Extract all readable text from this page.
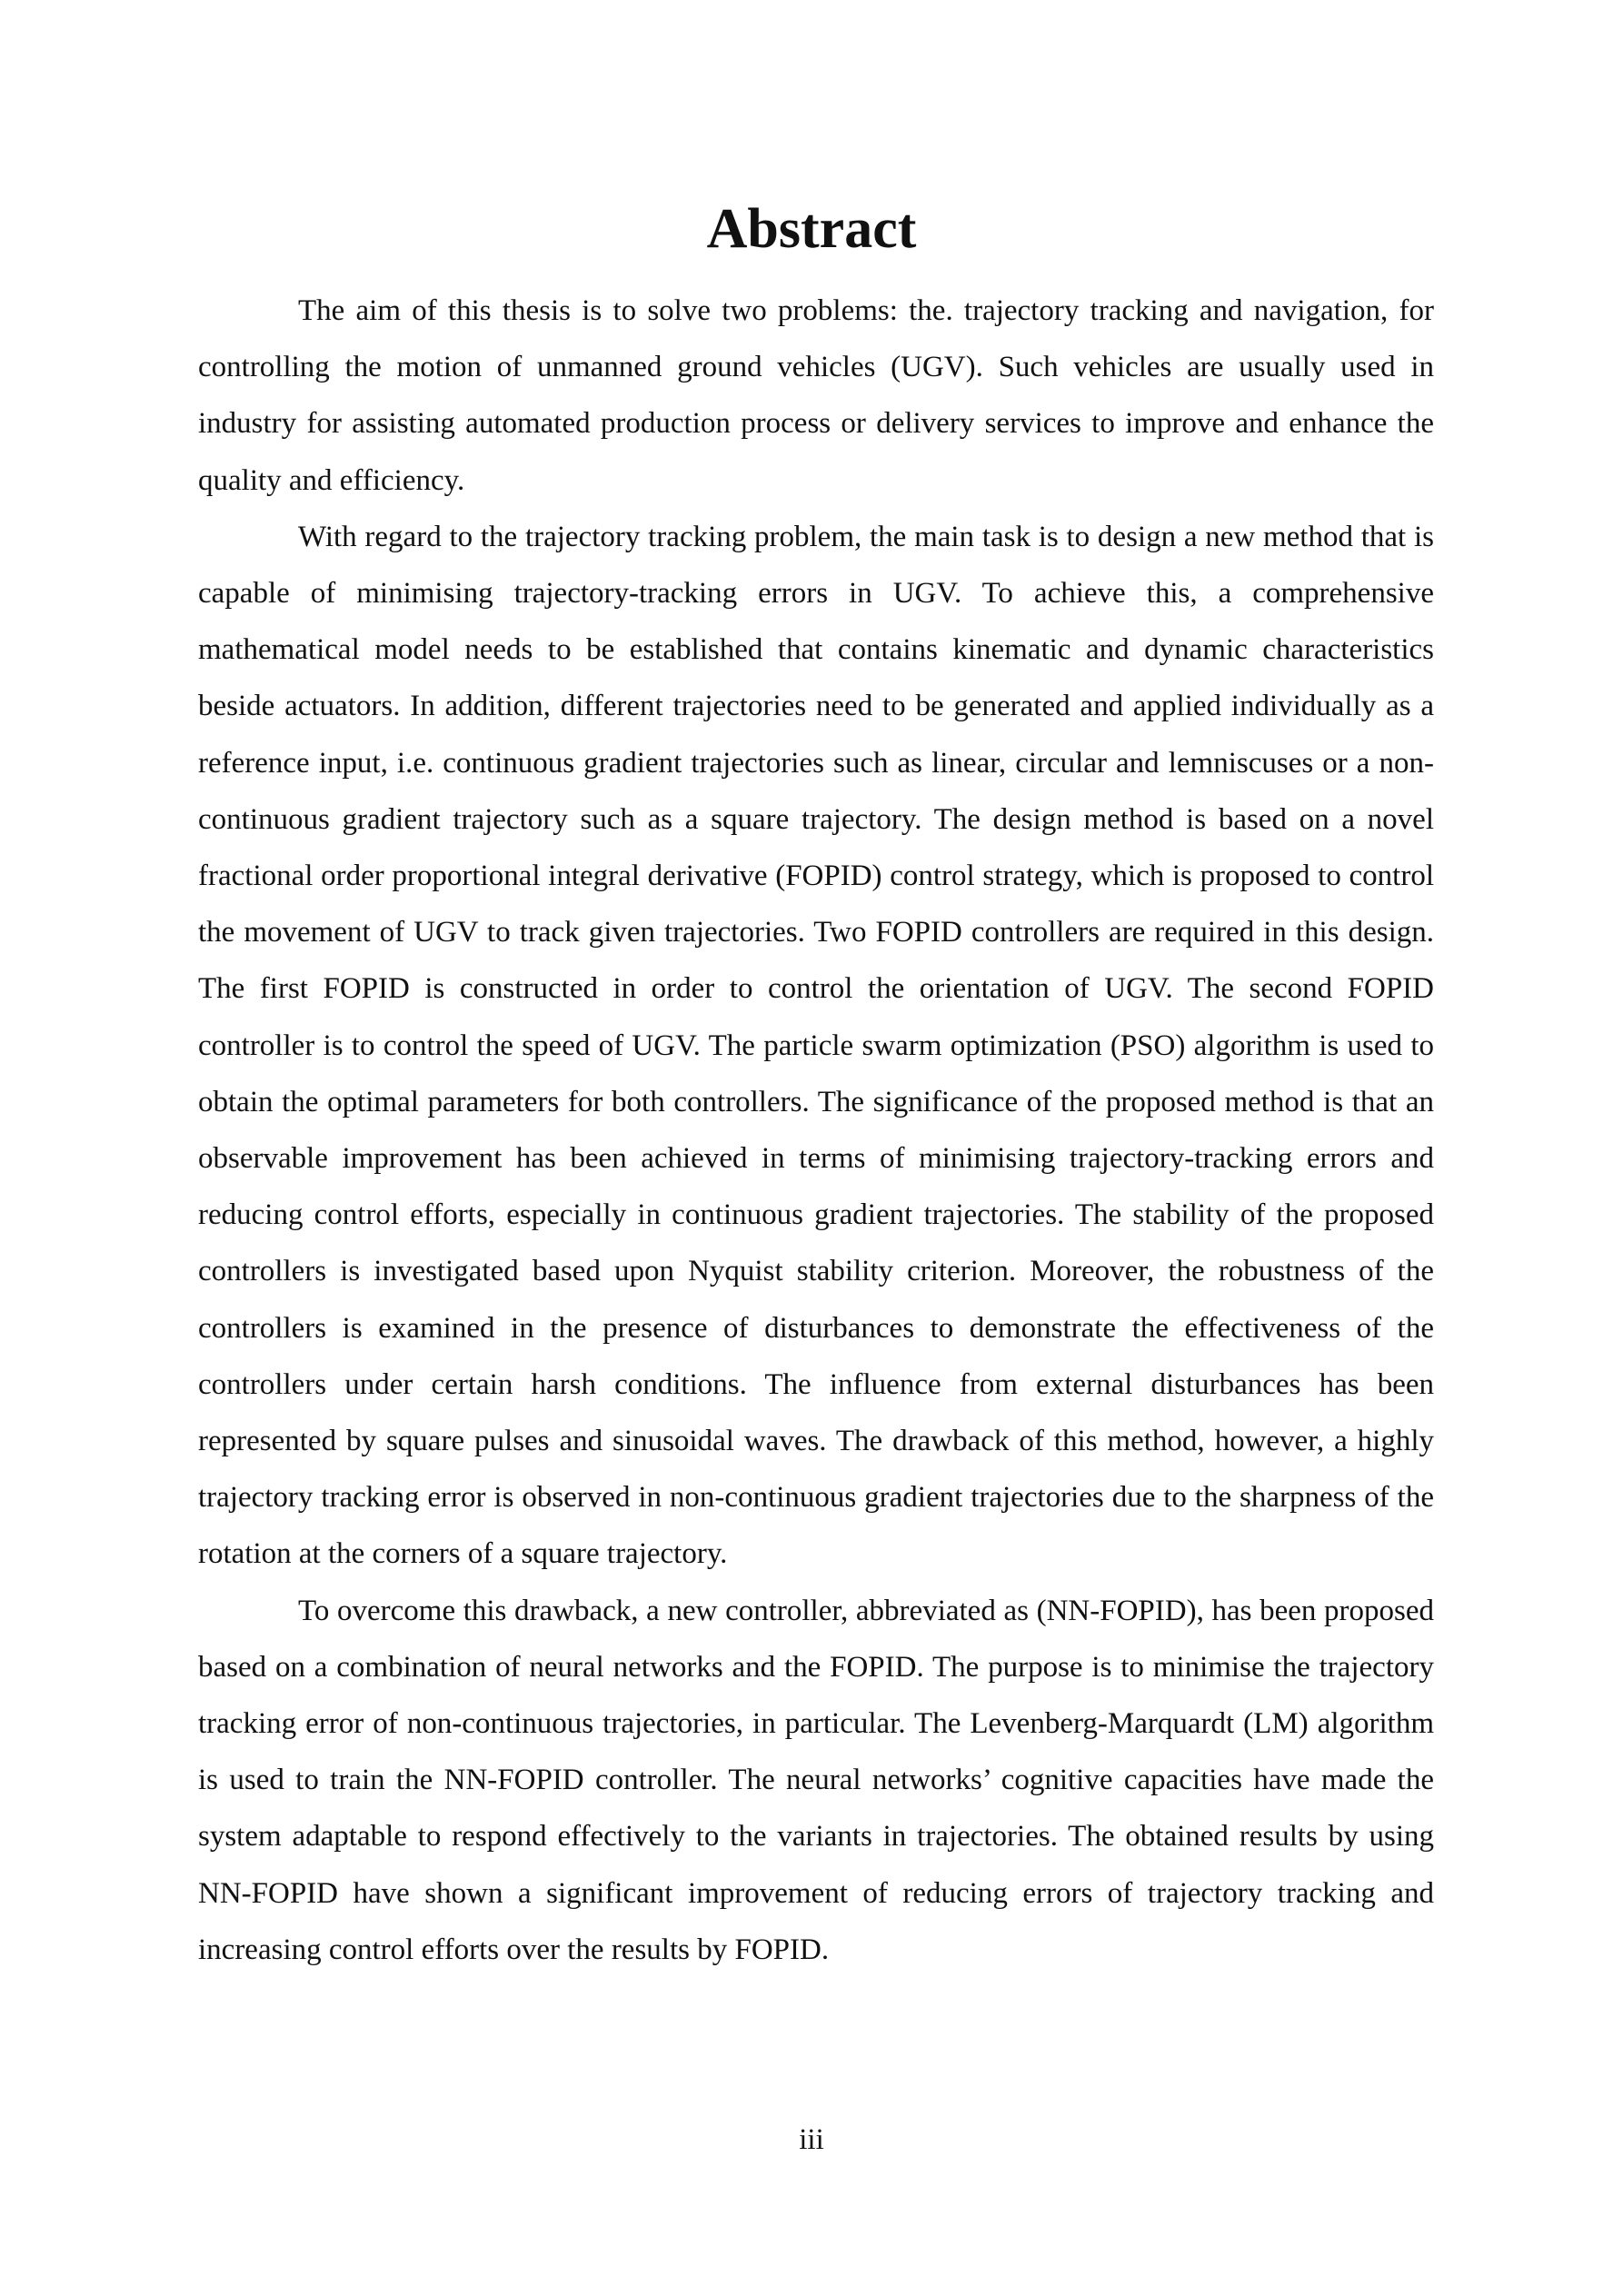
Abstract

The aim of this thesis is to solve two problems: the. trajectory tracking and navigation, for controlling the motion of unmanned ground vehicles (UGV). Such vehicles are usually used in industry for assisting automated production process or delivery services to improve and enhance the quality and efficiency.

With regard to the trajectory tracking problem, the main task is to design a new method that is capable of minimising trajectory-tracking errors in UGV. To achieve this, a comprehensive mathematical model needs to be established that contains kinematic and dynamic characteristics beside actuators. In addition, different trajectories need to be generated and applied individually as a reference input, i.e. continuous gradient trajectories such as linear, circular and lemniscuses or a non-continuous gradient trajectory such as a square trajectory. The design method is based on a novel fractional order proportional integral derivative (FOPID) control strategy, which is proposed to control the movement of UGV to track given trajectories. Two FOPID controllers are required in this design. The first FOPID is constructed in order to control the orientation of UGV. The second FOPID controller is to control the speed of UGV. The particle swarm optimization (PSO) algorithm is used to obtain the optimal parameters for both controllers. The significance of the proposed method is that an observable improvement has been achieved in terms of minimising trajectory-tracking errors and reducing control efforts, especially in continuous gradient trajectories. The stability of the proposed controllers is investigated based upon Nyquist stability criterion. Moreover, the robustness of the controllers is examined in the presence of disturbances to demonstrate the effectiveness of the controllers under certain harsh conditions. The influence from external disturbances has been represented by square pulses and sinusoidal waves. The drawback of this method, however, a highly trajectory tracking error is observed in non-continuous gradient trajectories due to the sharpness of the rotation at the corners of a square trajectory.

To overcome this drawback, a new controller, abbreviated as (NN-FOPID), has been proposed based on a combination of neural networks and the FOPID. The purpose is to minimise the trajectory tracking error of non-continuous trajectories, in particular. The Levenberg-Marquardt (LM) algorithm is used to train the NN-FOPID controller. The neural networks’ cognitive capacities have made the system adaptable to respond effectively to the variants in trajectories. The obtained results by using NN-FOPID have shown a significant improvement of reducing errors of trajectory tracking and increasing control efforts over the results by FOPID.

iii
